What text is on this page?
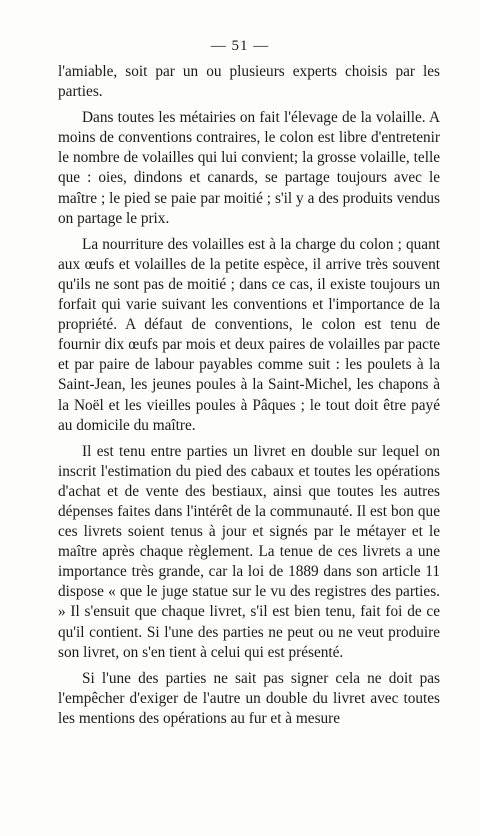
— 51 —

l'amiable, soit par un ou plusieurs experts choisis par les parties.

Dans toutes les métairies on fait l'élevage de la volaille. A moins de conventions contraires, le colon est libre d'entretenir le nombre de volailles qui lui convient; la grosse volaille, telle que : oies, dindons et canards, se partage toujours avec le maître ; le pied se paie par moitié ; s'il y a des produits vendus on partage le prix.

La nourriture des volailles est à la charge du colon ; quant aux œufs et volailles de la petite espèce, il arrive très souvent qu'ils ne sont pas de moitié ; dans ce cas, il existe toujours un forfait qui varie suivant les conventions et l'importance de la propriété. A défaut de conventions, le colon est tenu de fournir dix œufs par mois et deux paires de volailles par pacte et par paire de labour payables comme suit : les poulets à la Saint-Jean, les jeunes poules à la Saint-Michel, les chapons à la Noël et les vieilles poules à Pâques ; le tout doit être payé au domicile du maître.

Il est tenu entre parties un livret en double sur lequel on inscrit l'estimation du pied des cabaux et toutes les opérations d'achat et de vente des bestiaux, ainsi que toutes les autres dépenses faites dans l'intérêt de la communauté. Il est bon que ces livrets soient tenus à jour et signés par le métayer et le maître après chaque règlement. La tenue de ces livrets a une importance très grande, car la loi de 1889 dans son article 11 dispose « que le juge statue sur le vu des registres des parties. » Il s'ensuit que chaque livret, s'il est bien tenu, fait foi de ce qu'il contient. Si l'une des parties ne peut ou ne veut produire son livret, on s'en tient à celui qui est présenté.

Si l'une des parties ne sait pas signer cela ne doit pas l'empêcher d'exiger de l'autre un double du livret avec toutes les mentions des opérations au fur et à mesure
